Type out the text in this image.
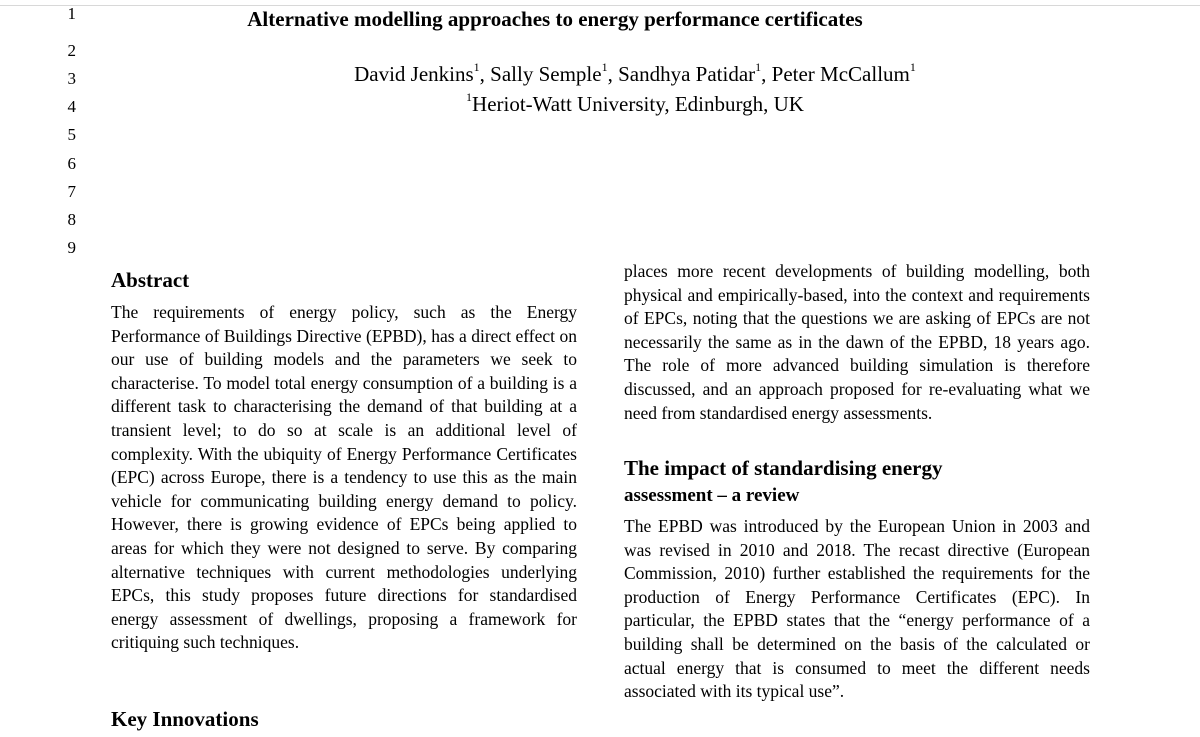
1
2
3
4
5
6
7
8
9
Alternative modelling approaches to energy performance certificates
David Jenkins$^1$, Sally Semple$^1$, Sandhya Patidar$^1$, Peter McCallum$^1$
$^1$Heriot-Watt University, Edinburgh, UK
Abstract
The requirements of energy policy, such as the Energy Performance of Buildings Directive (EPBD), has a direct effect on our use of building models and the parameters we seek to characterise. To model total energy consumption of a building is a different task to characterising the demand of that building at a transient level; to do so at scale is an additional level of complexity. With the ubiquity of Energy Performance Certificates (EPC) across Europe, there is a tendency to use this as the main vehicle for communicating building energy demand to policy. However, there is growing evidence of EPCs being applied to areas for which they were not designed to serve. By comparing alternative techniques with current methodologies underlying EPCs, this study proposes future directions for standardised energy assessment of dwellings, proposing a framework for critiquing such techniques.
Key Innovations
places more recent developments of building modelling, both physical and empirically-based, into the context and requirements of EPCs, noting that the questions we are asking of EPCs are not necessarily the same as in the dawn of the EPBD, 18 years ago. The role of more advanced building simulation is therefore discussed, and an approach proposed for re-evaluating what we need from standardised energy assessments.
The impact of standardising energy
assessment – a review
The EPBD was introduced by the European Union in 2003 and was revised in 2010 and 2018. The recast directive (European Commission, 2010) further established the requirements for the production of Energy Performance Certificates (EPC). In particular, the EPBD states that the “energy performance of a building shall be determined on the basis of the calculated or actual energy that is consumed to meet the different needs associated with its typical use”.
